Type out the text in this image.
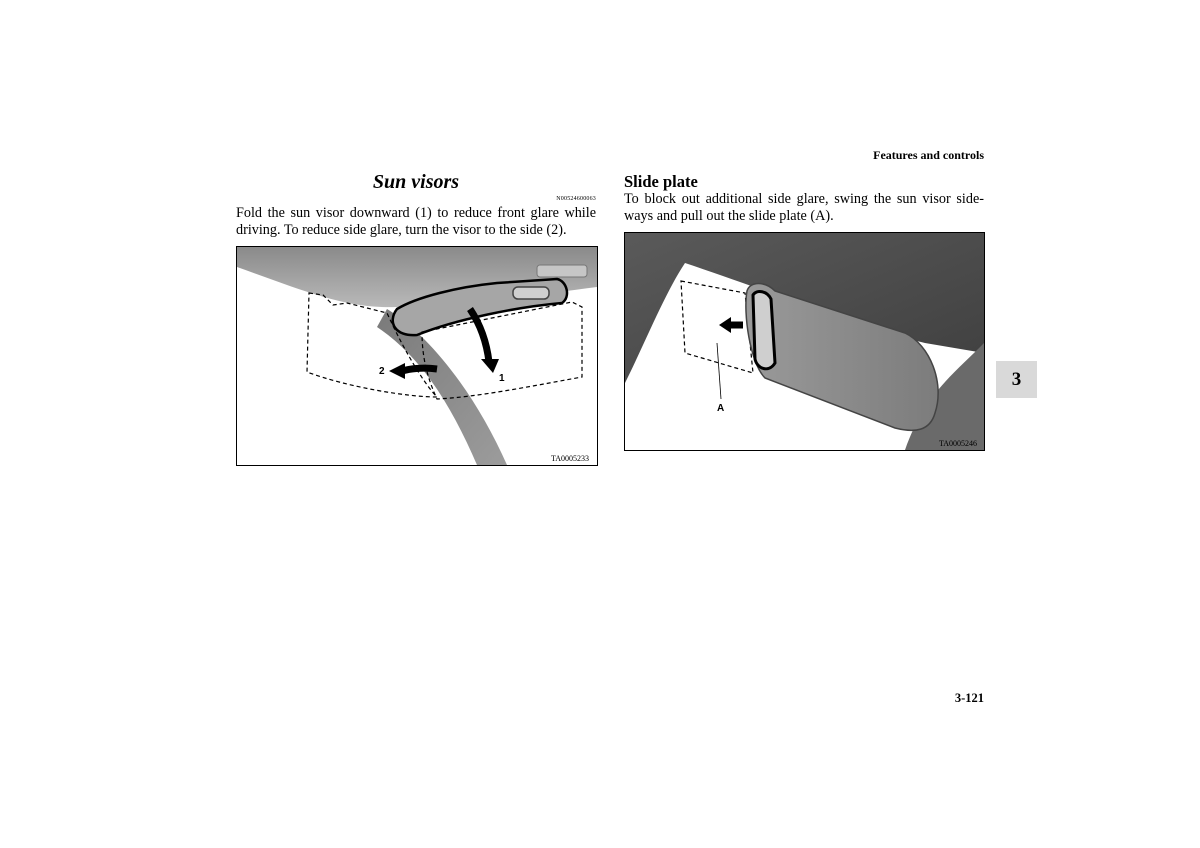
Features and controls
Sun visors
N00524600063
Fold the sun visor downward (1) to reduce front glare while driving. To reduce side glare, turn the visor to the side (2).
Slide plate
To block out additional side glare, swing the sun visor side-ways and pull out the slide plate (A).
1
2
TA0005233
A
TA0005246
3
3-121
